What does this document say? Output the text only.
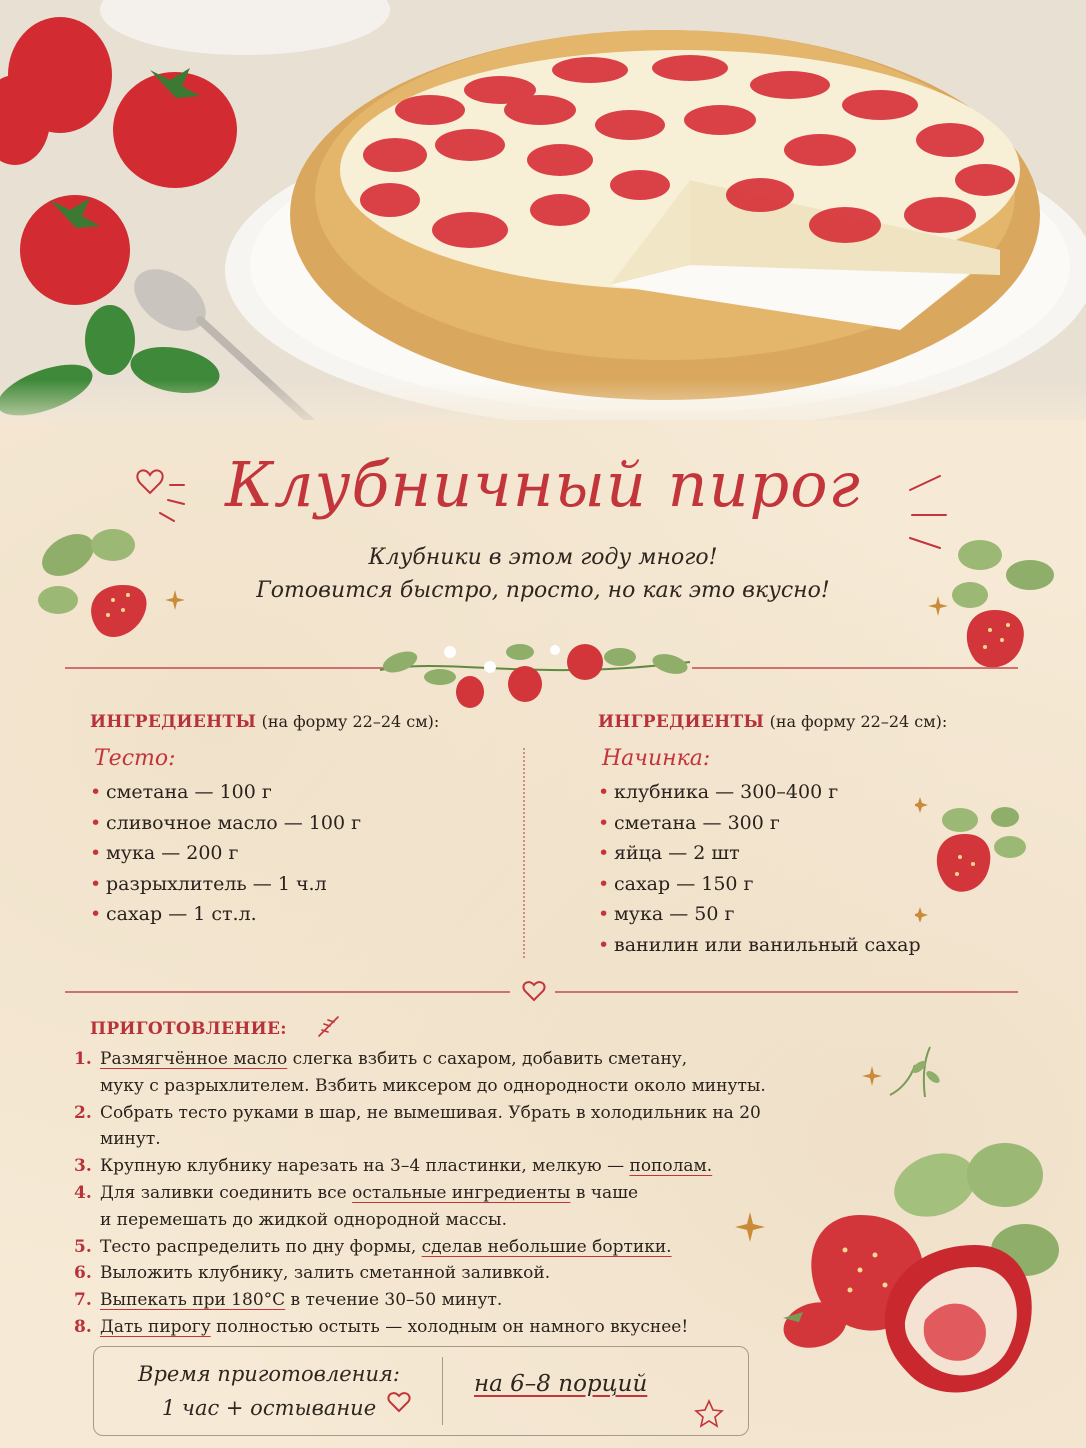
Клубничный пирог
Клубники в этом году много!
Готовится быстро, просто, но как это вкусно!
ИНГРЕДИЕНТЫ (на форму 22–24 см):
Тесто:
• сметана — 100 г
• сливочное масло — 100 г
• мука — 200 г
• разрыхлитель — 1 ч.л
• сахар — 1 ст.л.
ИНГРЕДИЕНТЫ (на форму 22–24 см):
Начинка:
• клубника — 300–400 г
• сметана — 300 г
• яйца — 2 шт
• сахар — 150 г
• мука — 50 г
• ванилин или ванильный сахар
ПРИГОТОВЛЕНИЕ:
1. Размягчённое масло слегка взбить с сахаром, добавить сметану,
муку с разрыхлителем. Взбить миксером до однородности около минуты.
2. Собрать тесто руками в шар, не вымешивая. Убрать в холодильник на 20 минут.
3. Крупную клубнику нарезать на 3–4 пластинки, мелкую — пополам.
4. Для заливки соединить все остальные ингредиенты в чаше
и перемешать до жидкой однородной массы.
5. Тесто распределить по дну формы, сделав небольшие бортики.
6. Выложить клубнику, залить сметанной заливкой.
7. Выпекать при 180°С в течение 30–50 минут.
8. Дать пирогу полностью остыть — холодным он намного вкуснее!
Время приготовления:
1 час + остывание
на 6–8 порций
